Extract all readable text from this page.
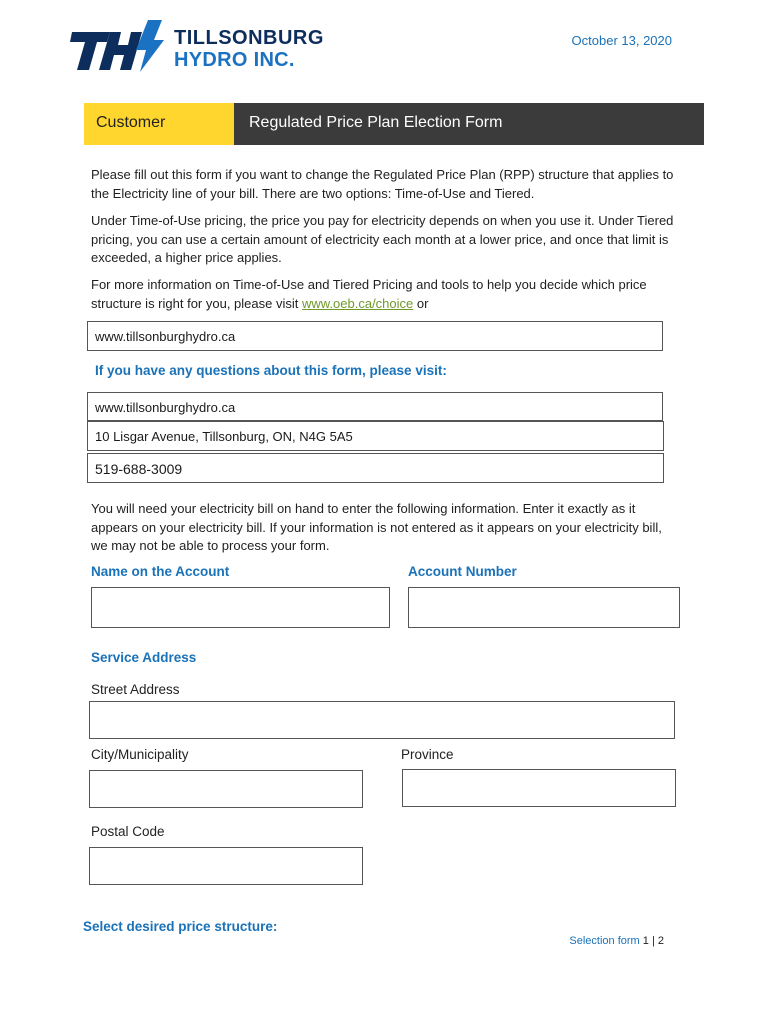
TILLSONBURG
HYDRO INC.
October 13, 2020
Customer	Regulated Price Plan Election Form
Please fill out this form if you want to change the Regulated Price Plan (RPP) structure that applies to the Electricity line of your bill. There are two options: Time-of-Use and Tiered.
Under Time-of-Use pricing, the price you pay for electricity depends on when you use it. Under Tiered pricing, you can use a certain amount of electricity each month at a lower price, and once that limit is exceeded, a higher price applies.
For more information on Time-of-Use and Tiered Pricing and tools to help you decide which price structure is right for you, please visit www.oeb.ca/choice or
www.tillsonburghydro.ca
If you have any questions about this form, please visit:
www.tillsonburghydro.ca
10 Lisgar Avenue, Tillsonburg, ON, N4G 5A5
519-688-3009
You will need your electricity bill on hand to enter the following information. Enter it exactly as it appears on your electricity bill. If your information is not entered as it appears on your electricity bill, we may not be able to process your form.
Name on the Account	Account Number
Service Address
Street Address
City/Municipality	Province
Postal Code
Select desired price structure:
Selection form 1 | 2
